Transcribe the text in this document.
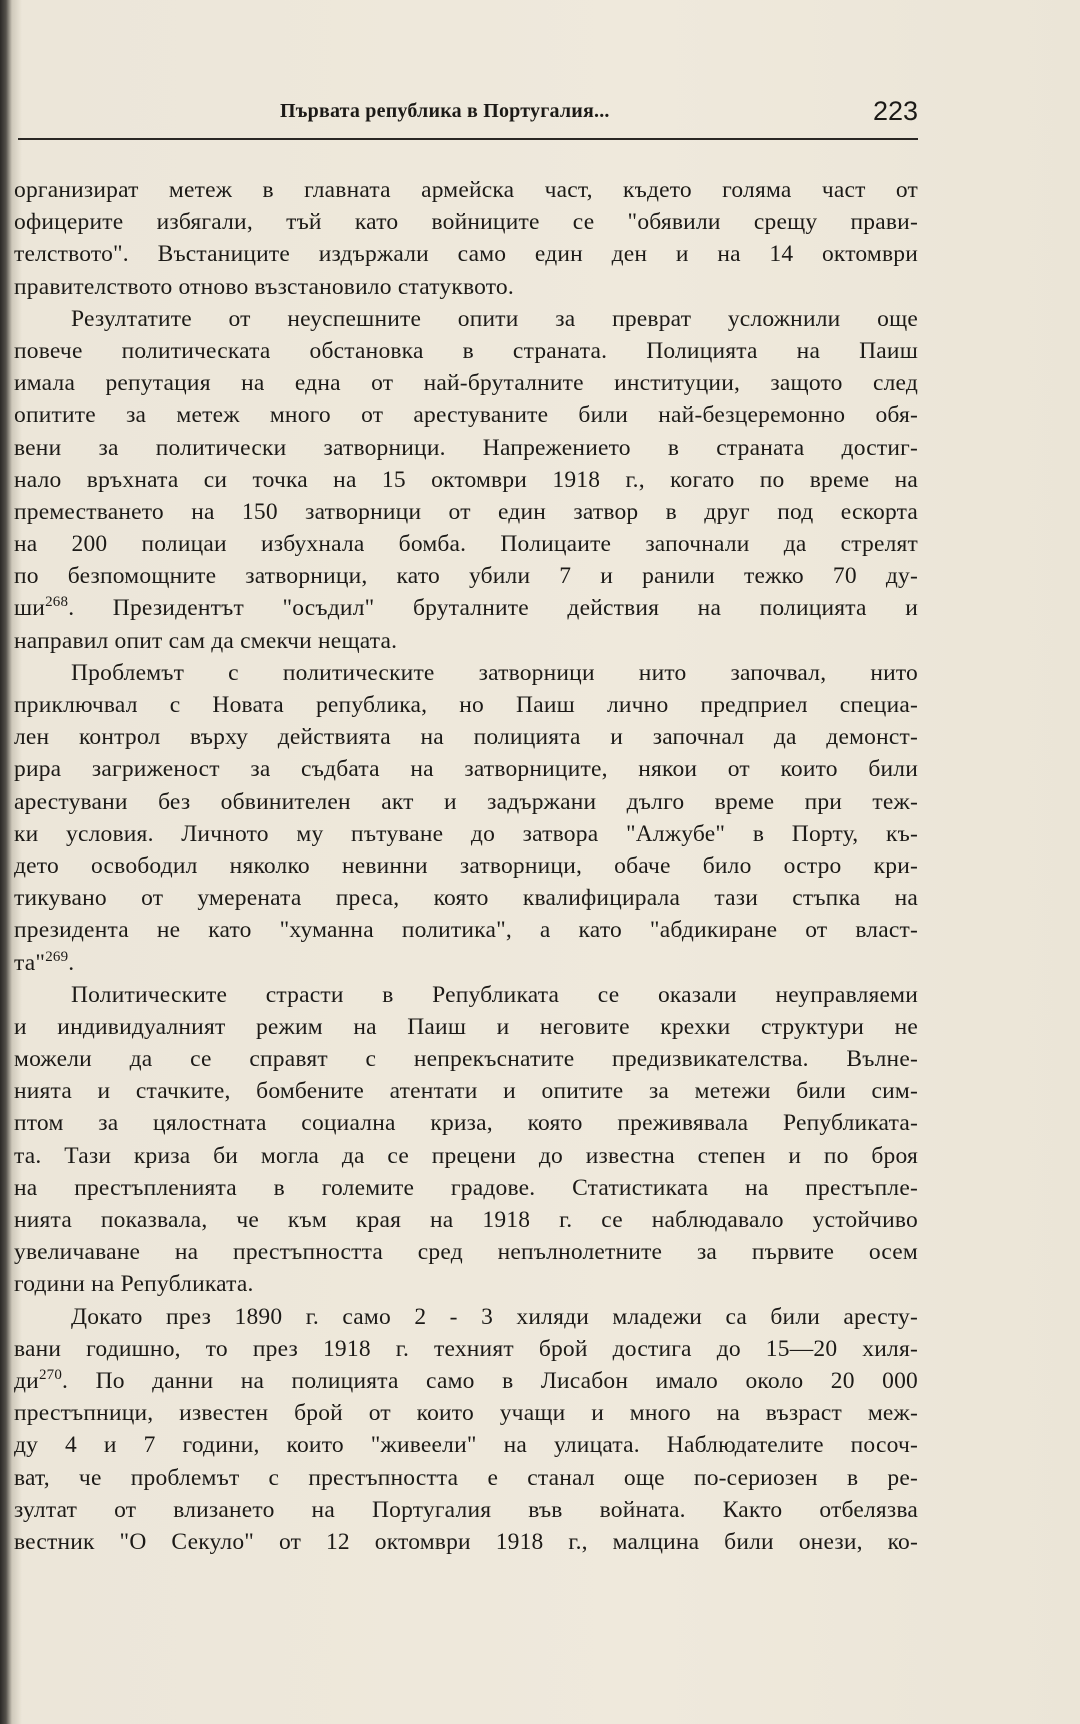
Първата република в Португалия...	223
организират метеж в главната армейска част, където голяма част от
офицерите избягали, тъй като войниците се "обявили срещу прави-
телството". Въстаниците издържали само един ден и на 14 октомври
правителството отново възстановило статуквото.
Резултатите от неуспешните опити за преврат усложнили още
повече политическата обстановка в страната. Полицията на Паиш
имала репутация на една от най-бруталните институции, защото след
опитите за метеж много от арестуваните били най-безцеремонно обя-
вени за политически затворници. Напрежението в страната достиг-
нало връхната си точка на 15 октомври 1918 г., когато по време на
преместването на 150 затворници от един затвор в друг под ескорта
на 200 полицаи избухнала бомба. Полицаите започнали да стрелят
по безпомощните затворници, като убили 7 и ранили тежко 70 ду-
ши$^{268}$. Президентът "осъдил" бруталните действия на полицията и
направил опит сам да смекчи нещата.
Проблемът с политическите затворници нито започвал, нито
приключвал с Новата република, но Паиш лично предприел специа-
лен контрол върху действията на полицията и започнал да демонст-
рира загриженост за съдбата на затворниците, някои от които били
арестувани без обвинителен акт и задържани дълго време при теж-
ки условия. Личното му пътуване до затвора "Алжубе" в Порту, къ-
дето освободил няколко невинни затворници, обаче било остро кри-
тикувано от умерената преса, която квалифицирала тази стъпка на
президента не като "хуманна политика", а като "абдикиране от власт-
та"$^{269}$.
Политическите страсти в Републиката се оказали неуправляеми
и индивидуалният режим на Паиш и неговите крехки структури не
можели да се справят с непрекъснатите предизвикателства. Вълне-
нията и стачките, бомбените атентати и опитите за метежи били сим-
птом за цялостната социална криза, която преживявала Републиката-
та. Тази криза би могла да се прецени до известна степен и по броя
на престъпленията в големите градове. Статистиката на престъпле-
нията показвала, че към края на 1918 г. се наблюдавало устойчиво
увеличаване на престъпността сред непълнолетните за първите осем
години на Републиката.
Докато през 1890 г. само 2 - 3 хиляди младежи са били аресту-
вани годишно, то през 1918 г. техният брой достига до 15—20 хиля-
ди$^{270}$. По данни на полицията само в Лисабон имало около 20 000
престъпници, известен брой от които учащи и много на възраст меж-
ду 4 и 7 години, които "живеели" на улицата. Наблюдателите посоч-
ват, че проблемът с престъпността е станал още по-сериозен в ре-
зултат от влизането на Португалия във войната. Както отбелязва
вестник "О Секуло" от 12 октомври 1918 г., малцина били онези, ко-
